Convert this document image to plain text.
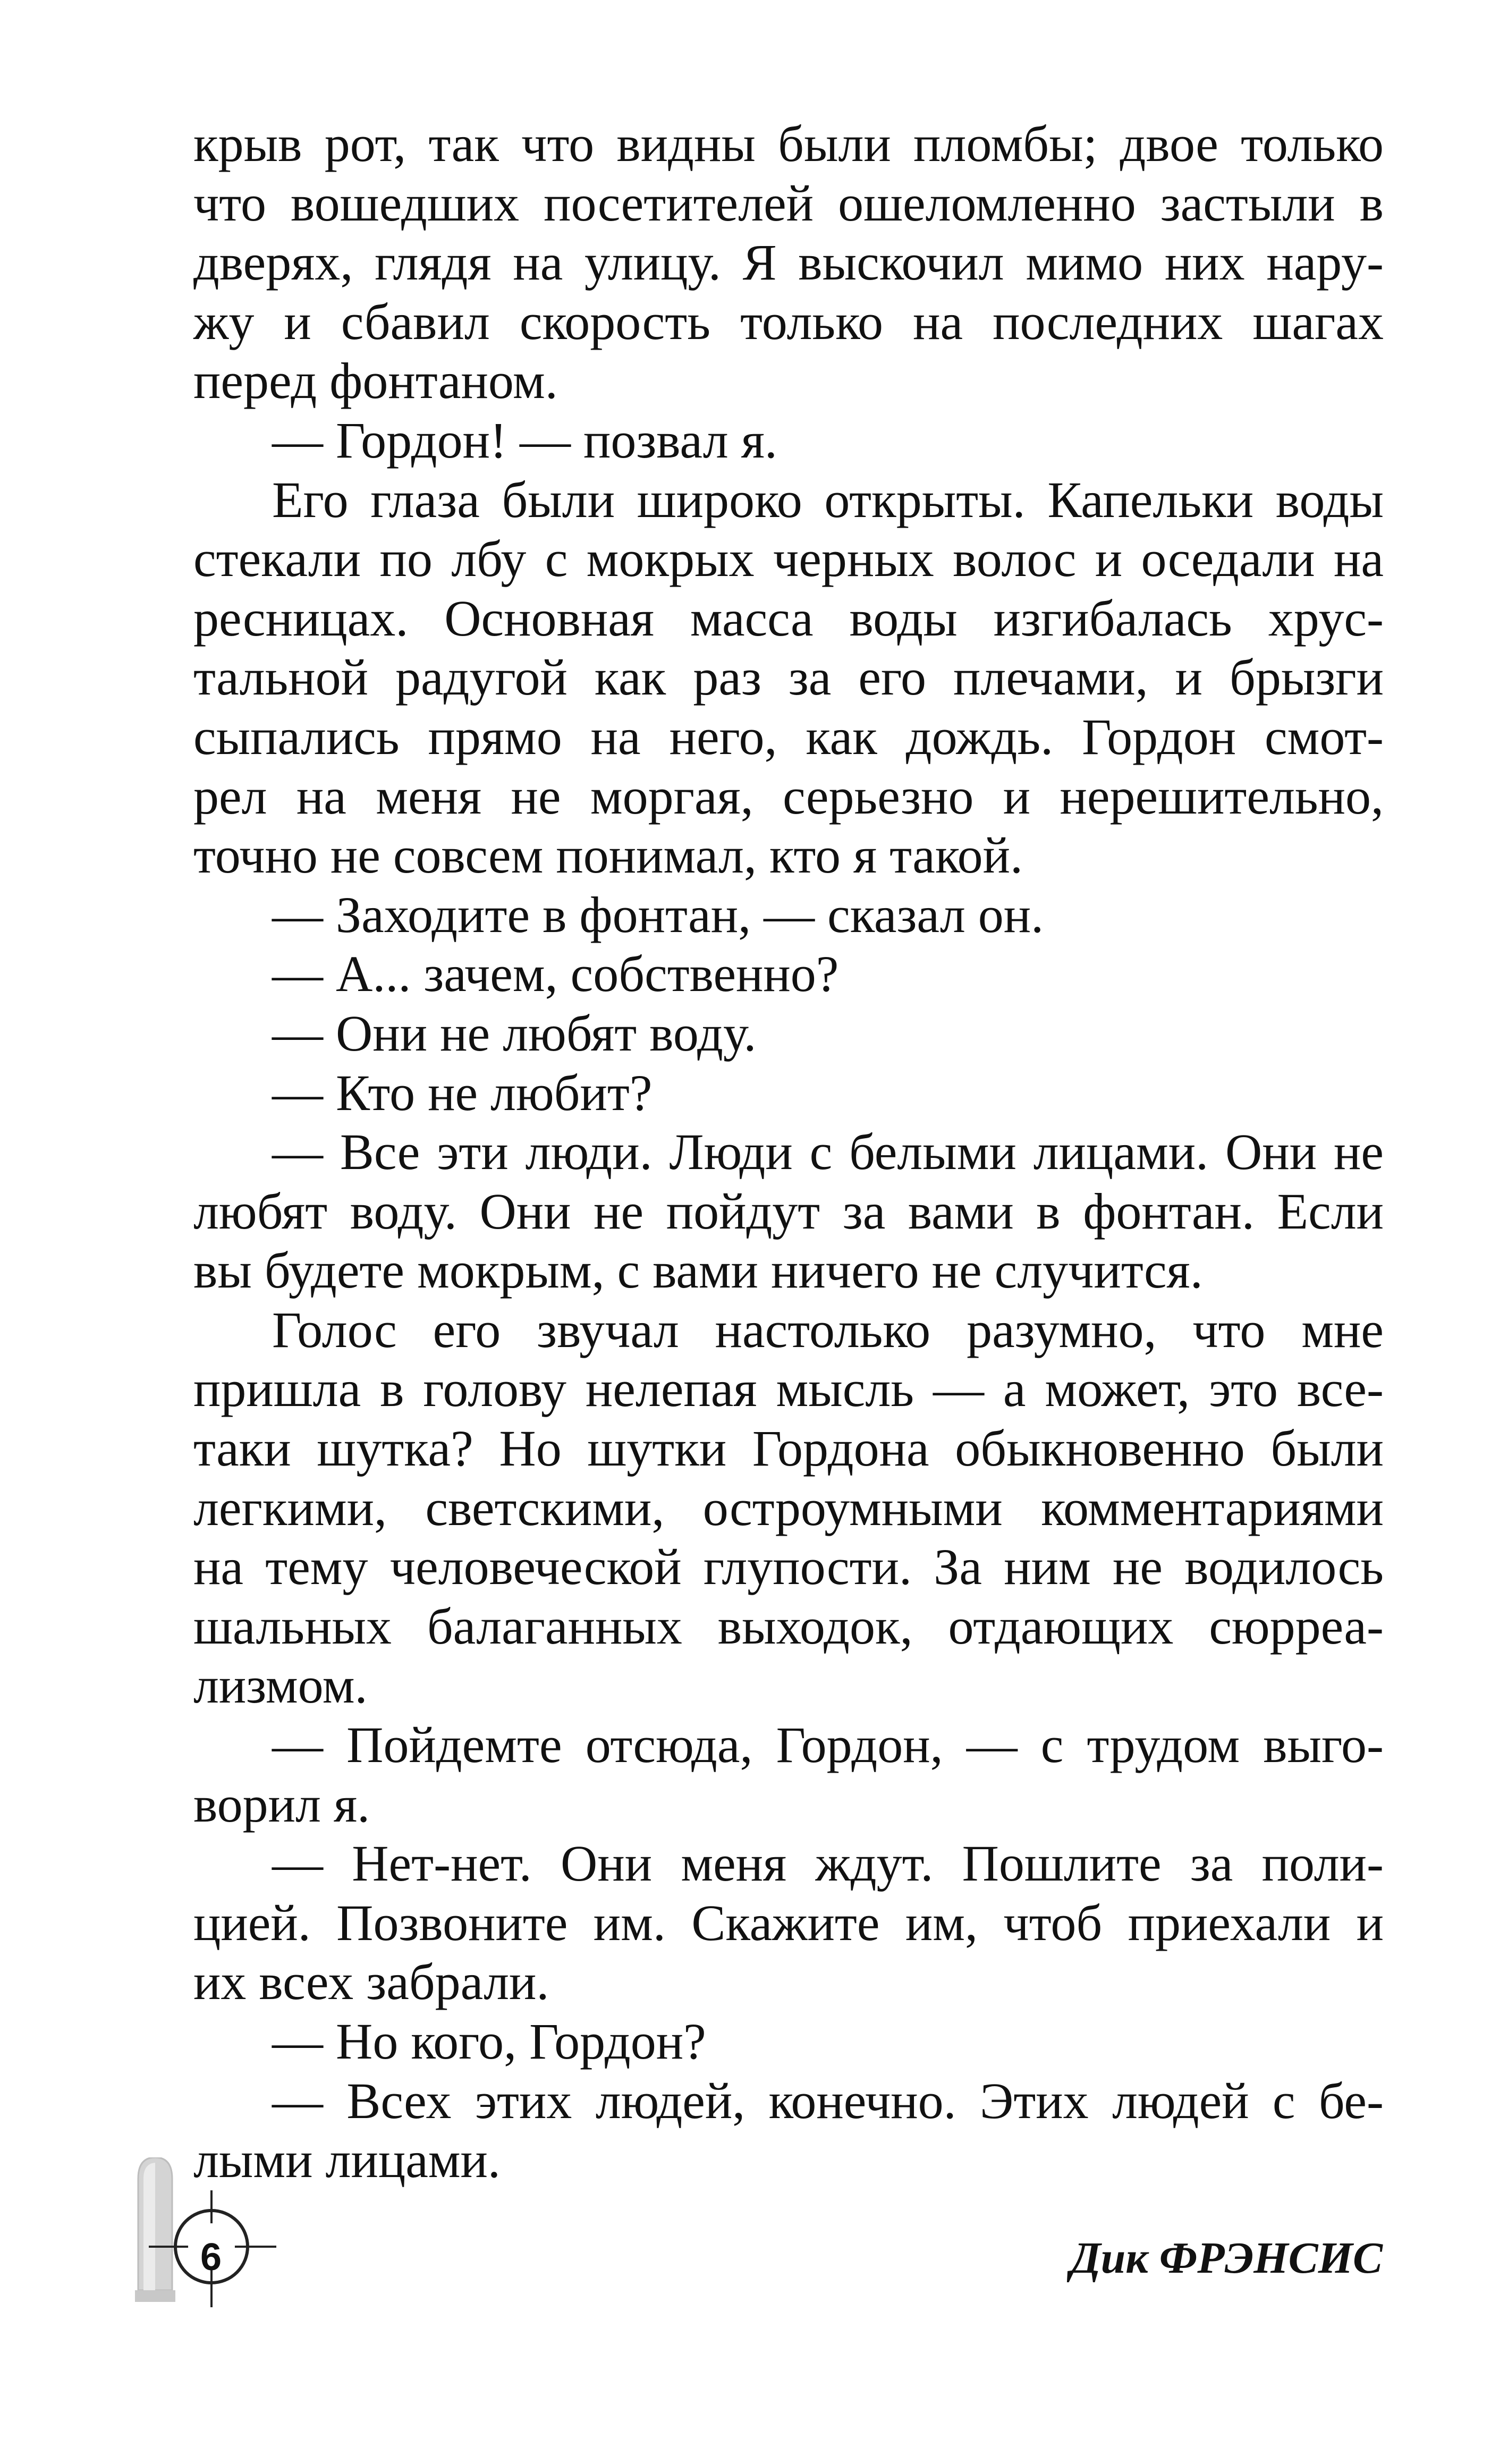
крыв рот, так что видны были пломбы; двое только
что вошедших посетителей ошеломленно застыли в
дверях, глядя на улицу. Я выскочил мимо них нару-
жу и сбавил скорость только на последних шагах
перед фонтаном.
— Гордон! — позвал я.
Его глаза были широко открыты. Капельки воды
стекали по лбу с мокрых черных волос и оседали на
ресницах. Основная масса воды изгибалась хрус-
тальной радугой как раз за его плечами, и брызги
сыпались прямо на него, как дождь. Гордон смот-
рел на меня не моргая, серьезно и нерешительно,
точно не совсем понимал, кто я такой.
— Заходите в фонтан, — сказал он.
— А... зачем, собственно?
— Они не любят воду.
— Кто не любит?
— Все эти люди. Люди с белыми лицами. Они не
любят воду. Они не пойдут за вами в фонтан. Если
вы будете мокрым, с вами ничего не случится.
Голос его звучал настолько разумно, что мне
пришла в голову нелепая мысль — а может, это все-
таки шутка? Но шутки Гордона обыкновенно были
легкими, светскими, остроумными комментариями
на тему человеческой глупости. За ним не водилось
шальных балаганных выходок, отдающих сюрреа-
лизмом.
— Пойдемте отсюда, Гордон, — с трудом выго-
ворил я.
— Нет-нет. Они меня ждут. Пошлите за поли-
цией. Позвоните им. Скажите им, чтоб приехали и
их всех забрали.
— Но кого, Гордон?
— Всех этих людей, конечно. Этих людей с бе-
лыми лицами.
6	Дик ФРЭНСИС
